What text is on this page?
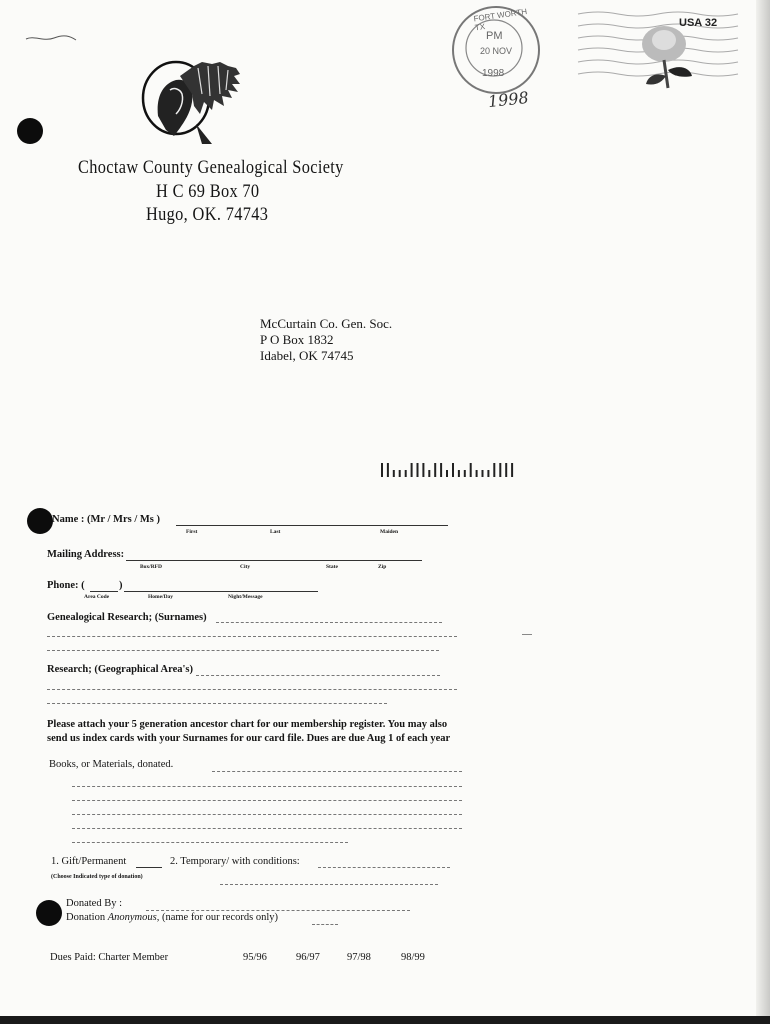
Choctaw County Genealogical Society
H C 69 Box 70
Hugo, OK. 74743
FORT WORTH TX
PM
20 NOV
1998
USA 32
1998
McCurtain Co. Gen. Soc.
P O Box 1832
Idabel, OK 74745
Name : (Mr / Mrs / Ms )
First	Last	Maiden
Mailing Address:
Box/RFD	City	State	Zip
Phone: (	)
Area Code	Home/Day	Night/Message
Genealogical Research; (Surnames)
Research; (Geographical Area's)
Please attach your 5 generation ancestor chart for our membership register. You may also send us index cards with your Surnames for our card file. Dues are due Aug 1 of each year
Books, or Materials, donated.
1. Gift/Permanent	2. Temporary/ with conditions:
(Choose Indicated type of donation)
Donated By :
Donation Anonymous, (name for our records only)
Dues Paid: Charter Member	95/96	96/97	97/98	98/99
